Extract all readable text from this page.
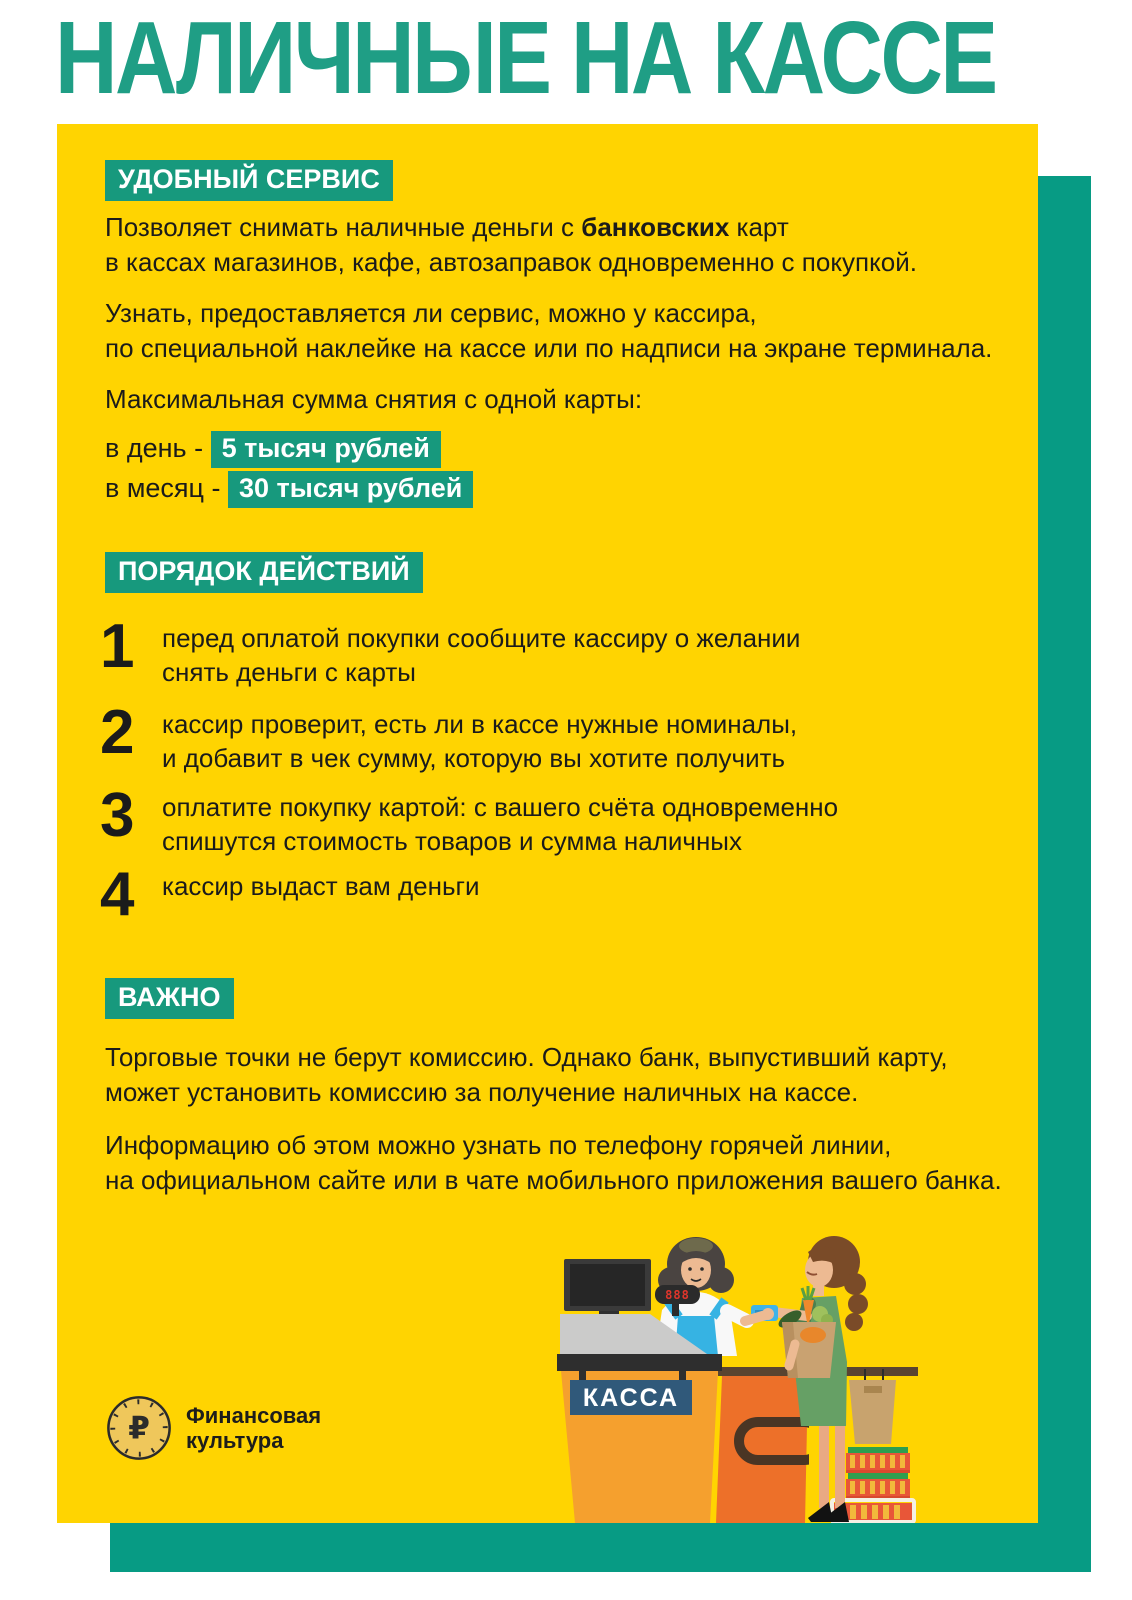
НАЛИЧНЫЕ НА КАССЕ
УДОБНЫЙ СЕРВИС
Позволяет снимать наличные деньги с банковских карт
в кассах магазинов, кафе, автозаправок одновременно с покупкой.
Узнать, предоставляется ли сервис, можно у кассира,
по специальной наклейке на кассе или по надписи на экране терминала.
Максимальная сумма снятия с одной карты:
в день - 5 тысяч рублей
в месяц - 30 тысяч рублей
ПОРЯДОК ДЕЙСТВИЙ
1	перед оплатой покупки сообщите кассиру о желании
снять деньги с карты
2	кассир проверит, есть ли в кассе нужные номиналы,
и добавит в чек сумму, которую вы хотите получить
3	оплатите покупку картой: с вашего счёта одновременно
спишутся стоимость товаров и сумма наличных
4	кассир выдаст вам деньги
ВАЖНО
Торговые точки не берут комиссию. Однако банк, выпустивший карту,
может установить комиссию за получение наличных на кассе.
Информацию об этом можно узнать по телефону горячей линии,
на официальном сайте или в чате мобильного приложения вашего банка.
₽ Финансовая
культура
888
КАССА
